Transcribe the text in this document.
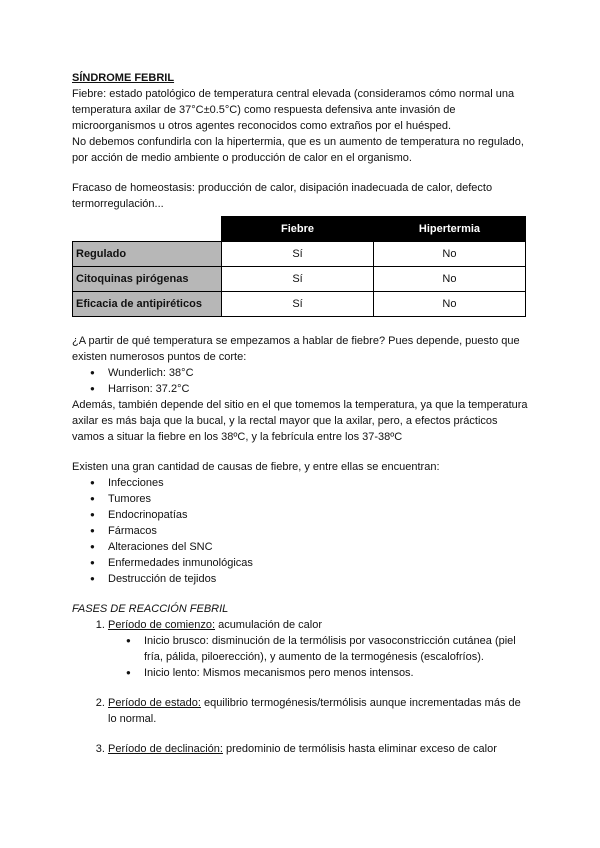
SÍNDROME FEBRIL

Fiebre: estado patológico de temperatura central elevada (consideramos cómo normal una temperatura axilar de 37°C±0.5°C) como respuesta defensiva ante invasión de microorganismos u otros agentes reconocidos como extraños por el huésped.

No debemos confundirla con la hipertermia, que es un aumento de temperatura no regulado, por acción de medio ambiente o producción de calor en el organismo.

Fracaso de homeostasis: producción de calor, disipación inadecuada de calor, defecto termorregulación...

	Fiebre	Hipertermia
Regulado	Sí	No
Citoquinas pirógenas	Sí	No
Eficacia de antipiréticos	Sí	No

¿A partir de qué temperatura se empezamos a hablar de fiebre? Pues depende, puesto que existen numerosos puntos de corte:

● Wunderlich: 38°C
● Harrison: 37.2°C

Además, también depende del sitio en el que tomemos la temperatura, ya que la temperatura axilar es más baja que la bucal, y la rectal mayor que la axilar, pero, a efectos prácticos vamos a situar la fiebre en los 38ºC, y la febrícula entre los 37-38ºC

Existen una gran cantidad de causas de fiebre, y entre ellas se encuentran:

● Infecciones
● Tumores
● Endocrinopatías
● Fármacos
● Alteraciones del SNC
● Enfermedades inmunológicas
● Destrucción de tejidos

FASES DE REACCIÓN FEBRIL

1. Período de comienzo: acumulación de calor
● Inicio brusco: disminución de la termólisis por vasoconstricción cutánea (piel fría, pálida, piloerección), y aumento de la termogénesis (escalofríos).
● Inicio lento: Mismos mecanismos pero menos intensos.
2. Período de estado: equilibrio termogénesis/termólisis aunque incrementadas más de lo normal.
3. Período de declinación: predominio de termólisis hasta eliminar exceso de calor
